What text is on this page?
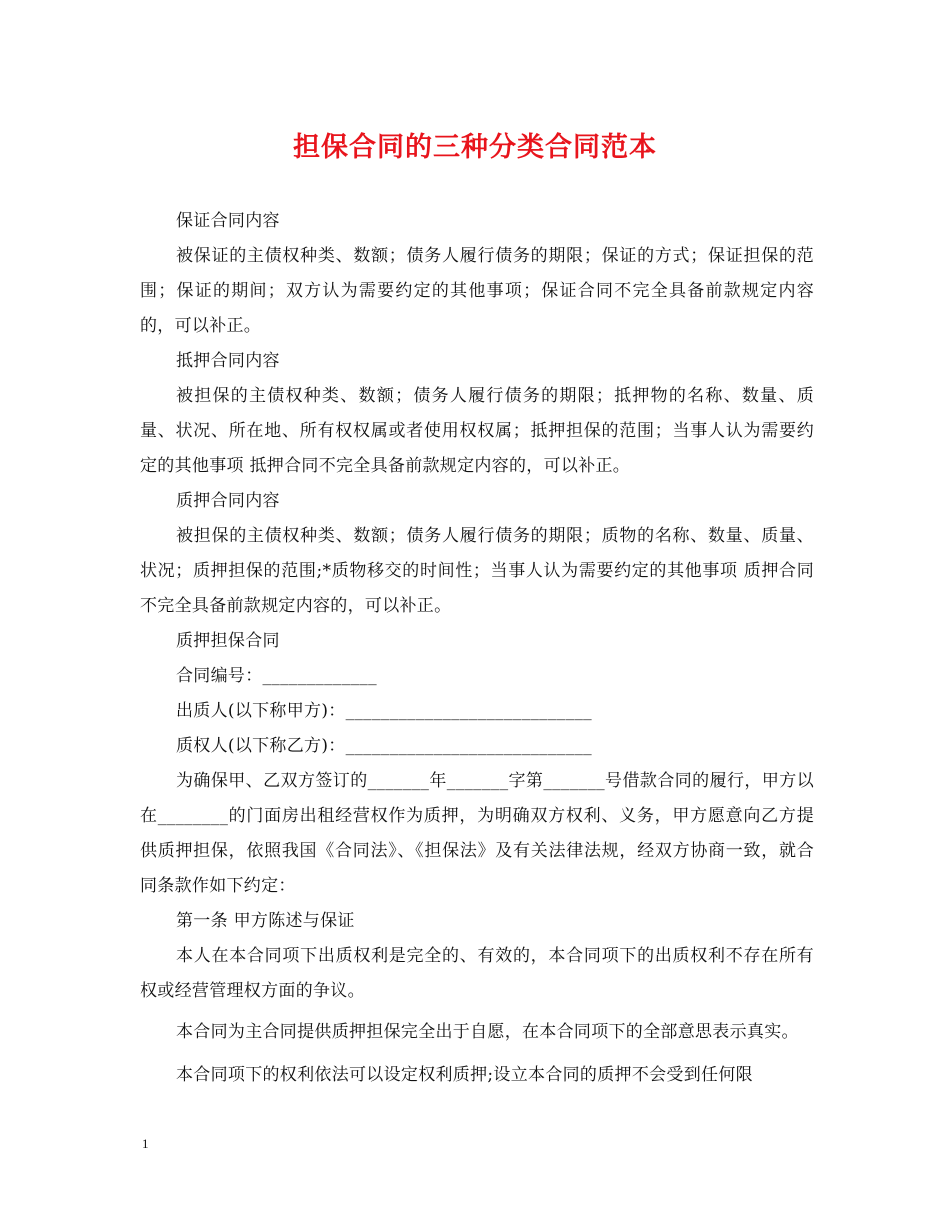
担保合同的三种分类合同范本

保证合同内容

被保证的主债权种类、数额；债务人履行债务的期限；保证的方式；保证担保的范围；保证的期间；双方认为需要约定的其他事项；保证合同不完全具备前款规定内容的，可以补正。

抵押合同内容

被担保的主债权种类、数额；债务人履行债务的期限；抵押物的名称、数量、质量、状况、所在地、所有权权属或者使用权权属；抵押担保的范围；当事人认为需要约定的其他事项 抵押合同不完全具备前款规定内容的，可以补正。

质押合同内容

被担保的主债权种类、数额；债务人履行债务的期限；质物的名称、数量、质量、状况；质押担保的范围;*质物移交的时间性；当事人认为需要约定的其他事项 质押合同不完全具备前款规定内容的，可以补正。

质押担保合同

合同编号：_____________

出质人(以下称甲方)：____________________________

质权人(以下称乙方)：____________________________

为确保甲、乙双方签订的_______年_______字第_______号借款合同的履行，甲方以在________的门面房出租经营权作为质押，为明确双方权利、义务，甲方愿意向乙方提供质押担保，依照我国《合同法》、《担保法》及有关法律法规，经双方协商一致，就合同条款作如下约定：

第一条 甲方陈述与保证

本人在本合同项下出质权利是完全的、有效的，本合同项下的出质权利不存在所有权或经营管理权方面的争议。

本合同为主合同提供质押担保完全出于自愿，在本合同项下的全部意思表示真实。

本合同项下的权利依法可以设定权利质押;设立本合同的质押不会受到任何限

1
